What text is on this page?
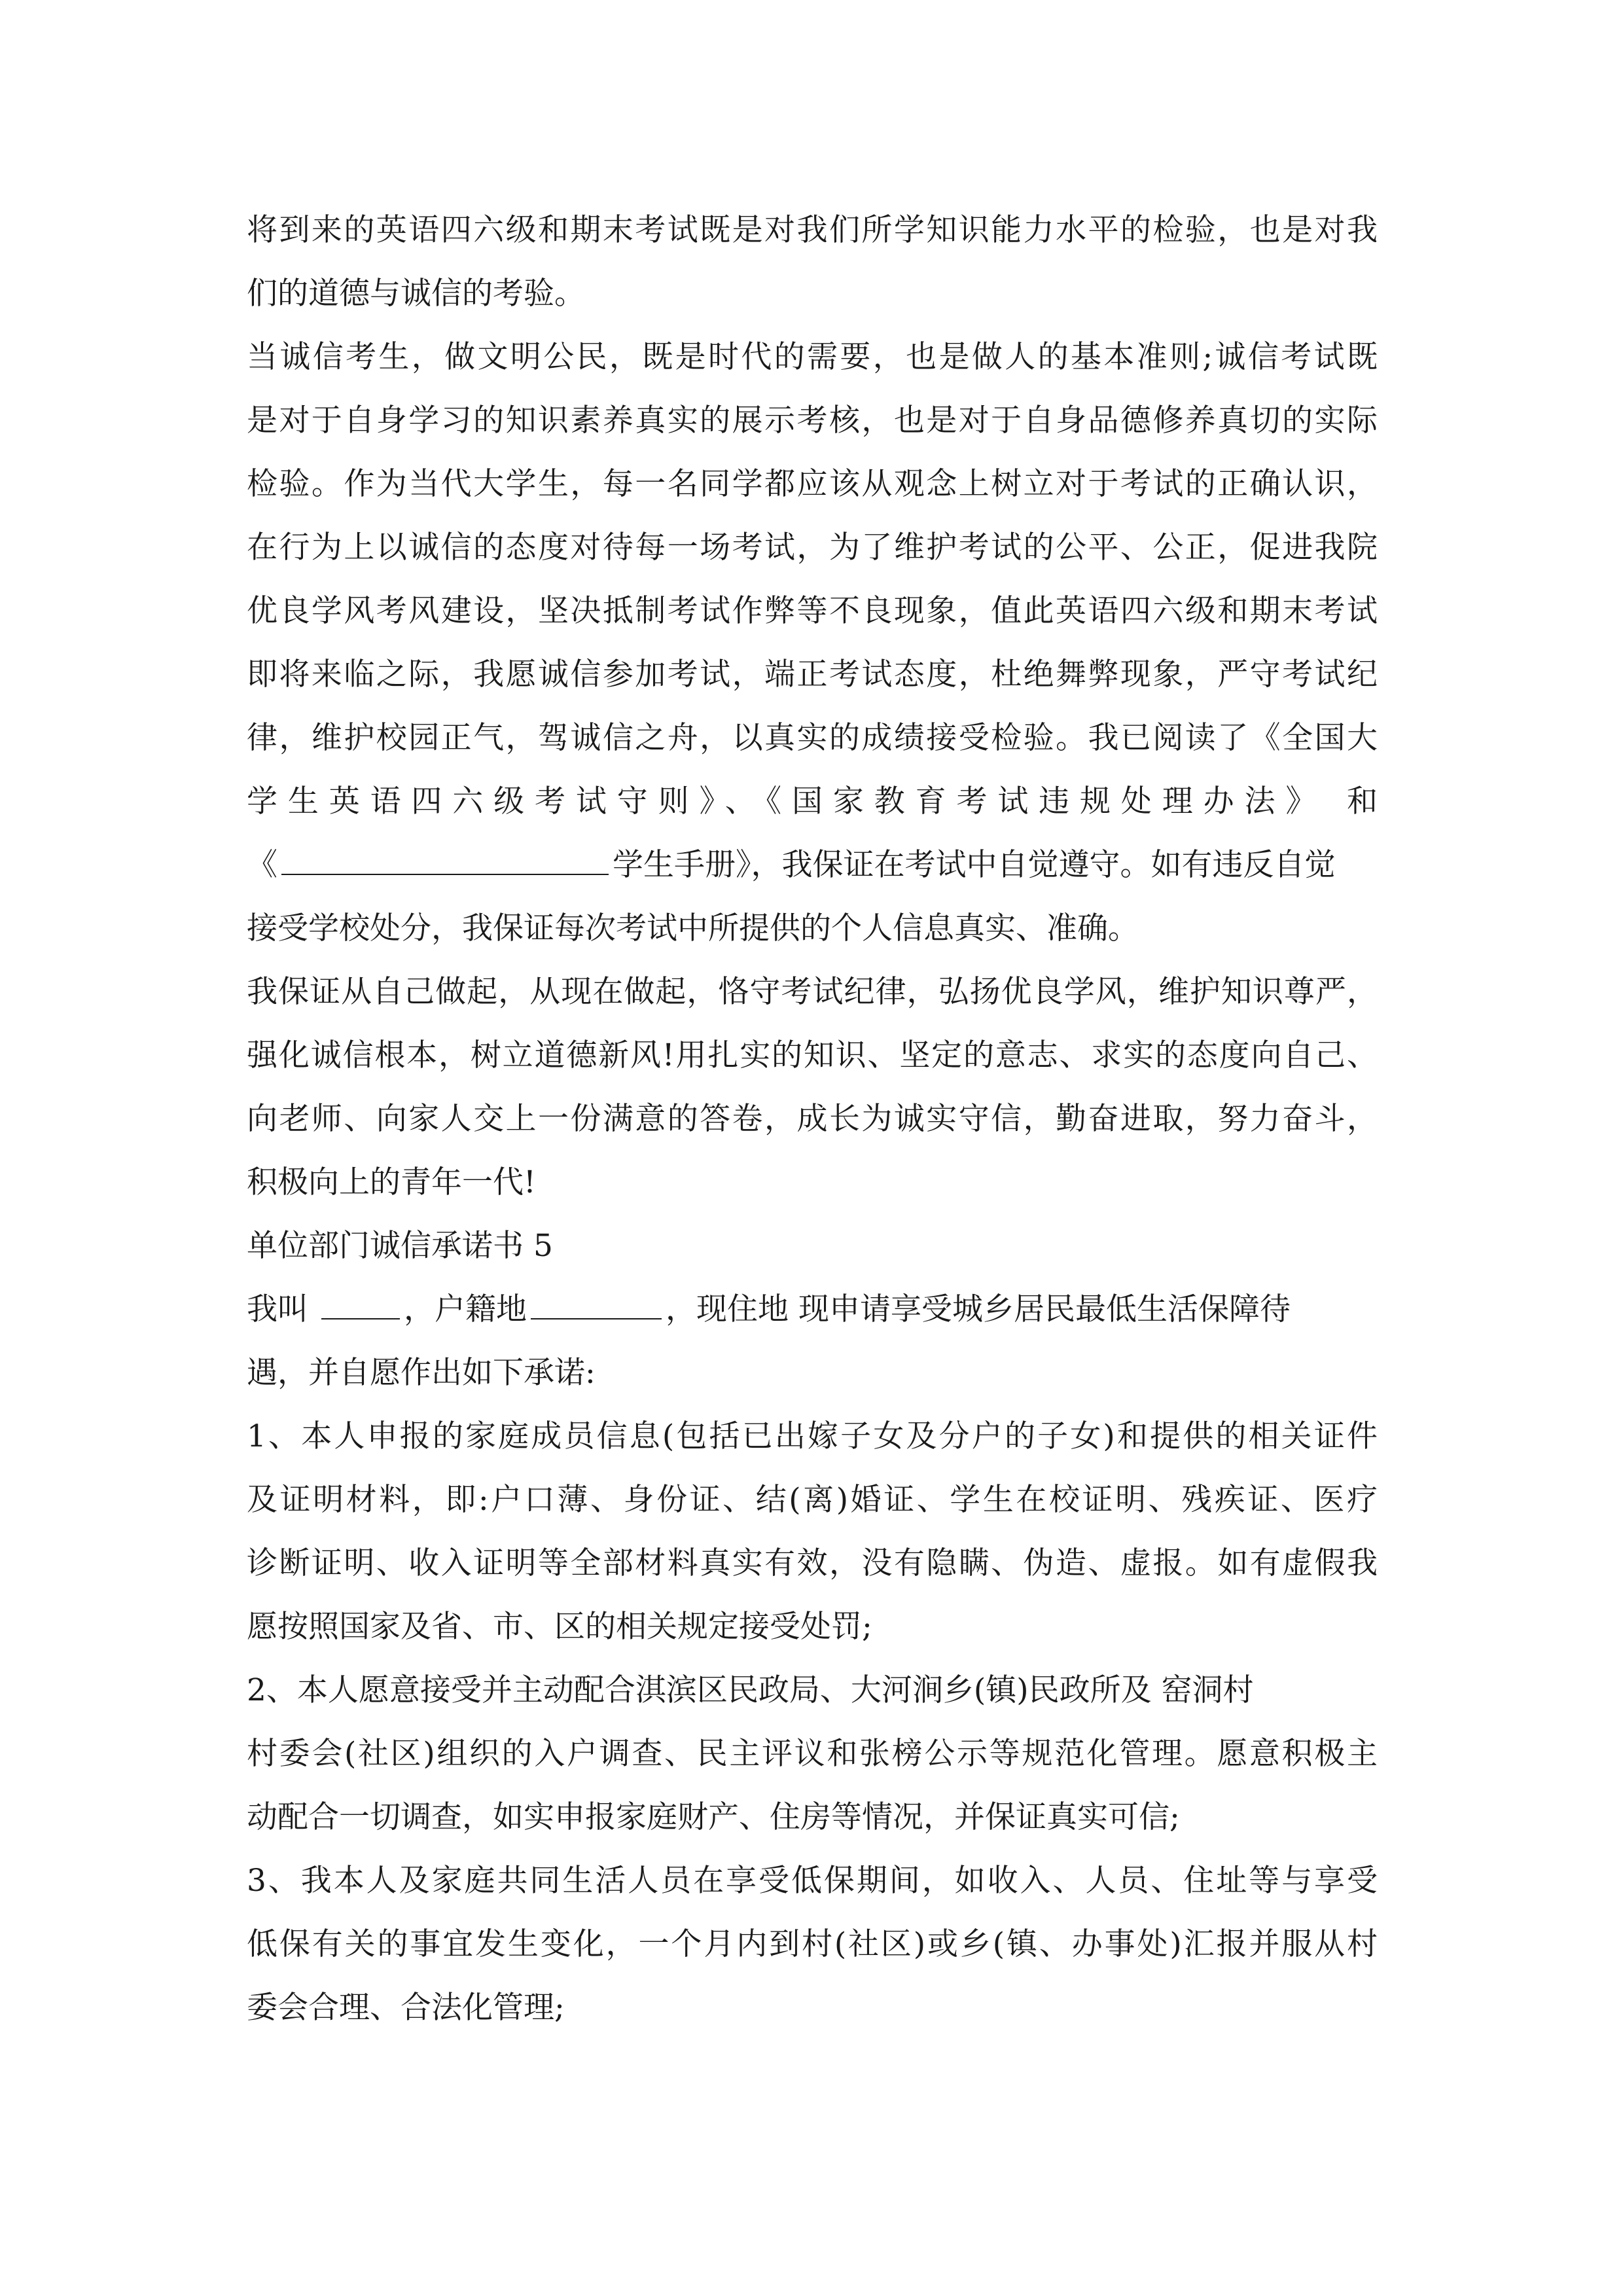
将到来的英语四六级和期末考试既是对我们所学知识能力水平的检验，也是对我

们的道德与诚信的考验。

当诚信考生，做文明公民，既是时代的需要，也是做人的基本准则;诚信考试既

是对于自身学习的知识素养真实的展示考核，也是对于自身品德修养真切的实际

检验。作为当代大学生，每一名同学都应该从观念上树立对于考试的正确认识，

在行为上以诚信的态度对待每一场考试，为了维护考试的公平、公正，促进我院

优良学风考风建设，坚决抵制考试作弊等不良现象，值此英语四六级和期末考试

即将来临之际，我愿诚信参加考试，端正考试态度，杜绝舞弊现象，严守考试纪

律，维护校园正气，驾诚信之舟，以真实的成绩接受检验。我已阅读了《全国大

学生英语四六级考试守则》、《国家教育考试违规处理办法》 和

《	学生手册》，我保证在考试中自觉遵守。如有违反自觉

接受学校处分，我保证每次考试中所提供的个人信息真实、准确。

我保证从自己做起，从现在做起，恪守考试纪律，弘扬优良学风，维护知识尊严，

强化诚信根本，树立道德新风!用扎实的知识、坚定的意志、求实的态度向自己、

向老师、向家人交上一份满意的答卷，成长为诚实守信，勤奋进取，努力奋斗，

积极向上的青年一代!

单位部门诚信承诺书 5

我叫	，户籍地	，现住地 现申请享受城乡居民最低生活保障待

遇，并自愿作出如下承诺:

1、本人申报的家庭成员信息(包括已出嫁子女及分户的子女)和提供的相关证件

及证明材料，即:户口薄、身份证、结(离)婚证、学生在校证明、残疾证、医疗

诊断证明、收入证明等全部材料真实有效，没有隐瞒、伪造、虚报。如有虚假我

愿按照国家及省、市、区的相关规定接受处罚;

2、本人愿意接受并主动配合淇滨区民政局、大河涧乡(镇)民政所及 窑洞村

村委会(社区)组织的入户调查、民主评议和张榜公示等规范化管理。愿意积极主

动配合一切调查，如实申报家庭财产、住房等情况，并保证真实可信;

3、我本人及家庭共同生活人员在享受低保期间，如收入、人员、住址等与享受

低保有关的事宜发生变化，一个月内到村(社区)或乡(镇、办事处)汇报并服从村

委会合理、合法化管理;
